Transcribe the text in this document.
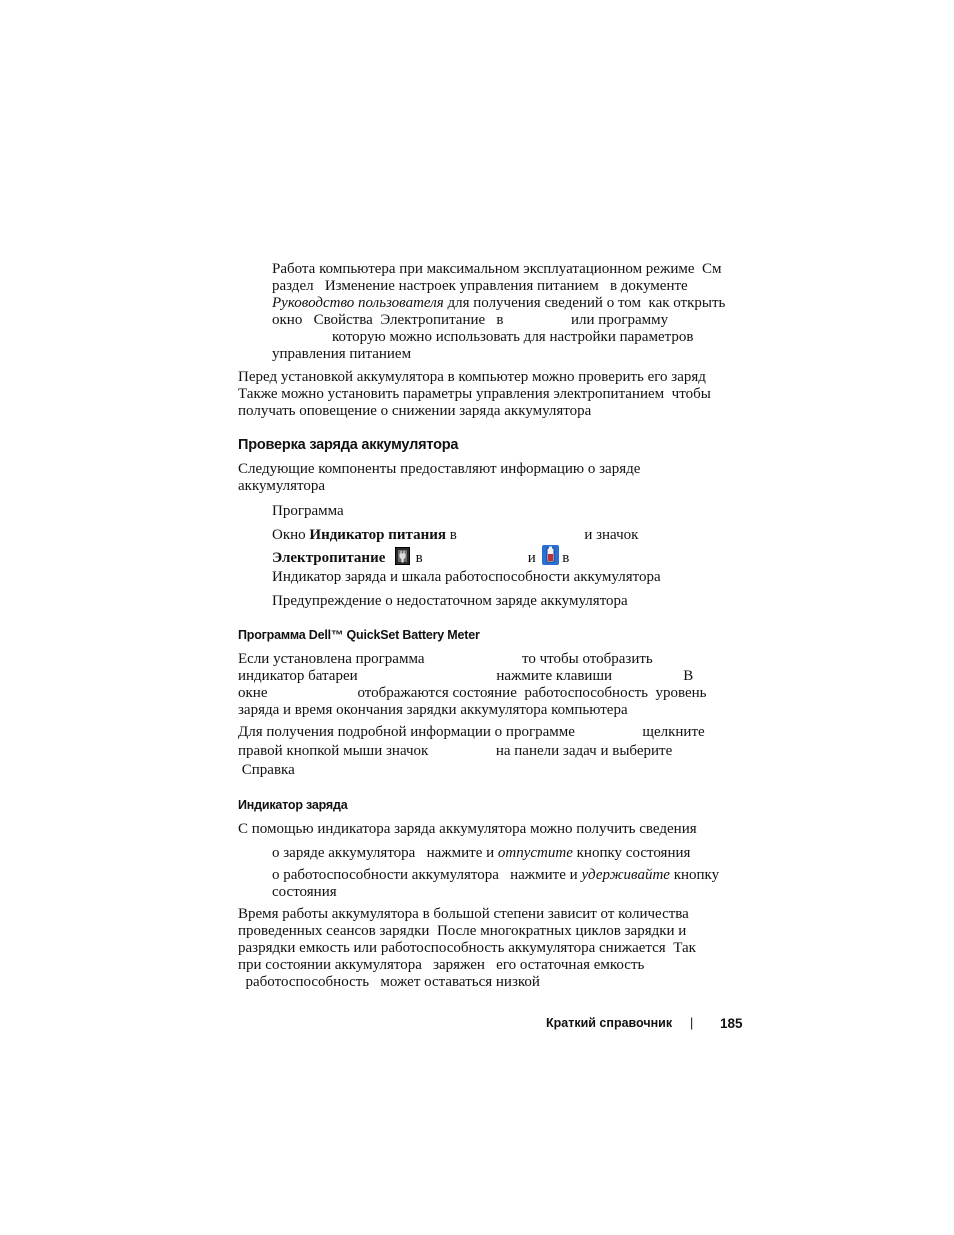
Работа компьютера при максимальном эксплуатационном режиме  См
раздел   Изменение настроек управления питанием   в документе
Руководство пользователя для получения сведений о том  как открыть
окно   Свойства  Электропитание   в                  или программу
которую можно использовать для настройки параметров
управления питанием
Перед установкой аккумулятора в компьютер можно проверить его заряд
Также можно установить параметры управления электропитанием  чтобы
получать оповещение о снижении заряда аккумулятора
Проверка заряда аккумулятора
Следующие компоненты предоставляют информацию о заряде
аккумулятора
Программа
Окно Индикатор питания в                                  и значок
Электропитание   в	и  в
Индикатор заряда и шкала работоспособности аккумулятора
Предупреждение о недостаточном заряде аккумулятора
Программа Dell™ QuickSet Battery Meter
Если установлена программа                          то чтобы отобразить
индикатор батареи                                     нажмите клавиши                   В
окне                        отображаются состояние  работоспособность  уровень
заряда и время окончания зарядки аккумулятора компьютера
Для получения подробной информации о программе                  щелкните
правой кнопкой мыши значок                  на панели задач и выберите
Справка
Индикатор заряда
С помощью индикатора заряда аккумулятора можно получить сведения
о заряде аккумулятора   нажмите и отпустите кнопку состояния
о работоспособности аккумулятора   нажмите и удерживайте кнопку
состояния
Время работы аккумулятора в большой степени зависит от количества
проведенных сеансов зарядки  После многократных циклов зарядки и
разрядки емкость или работоспособность аккумулятора снижается  Так
при состоянии аккумулятора   заряжен   его остаточная емкость
работоспособность   может оставаться низкой
Краткий справочник | 185
